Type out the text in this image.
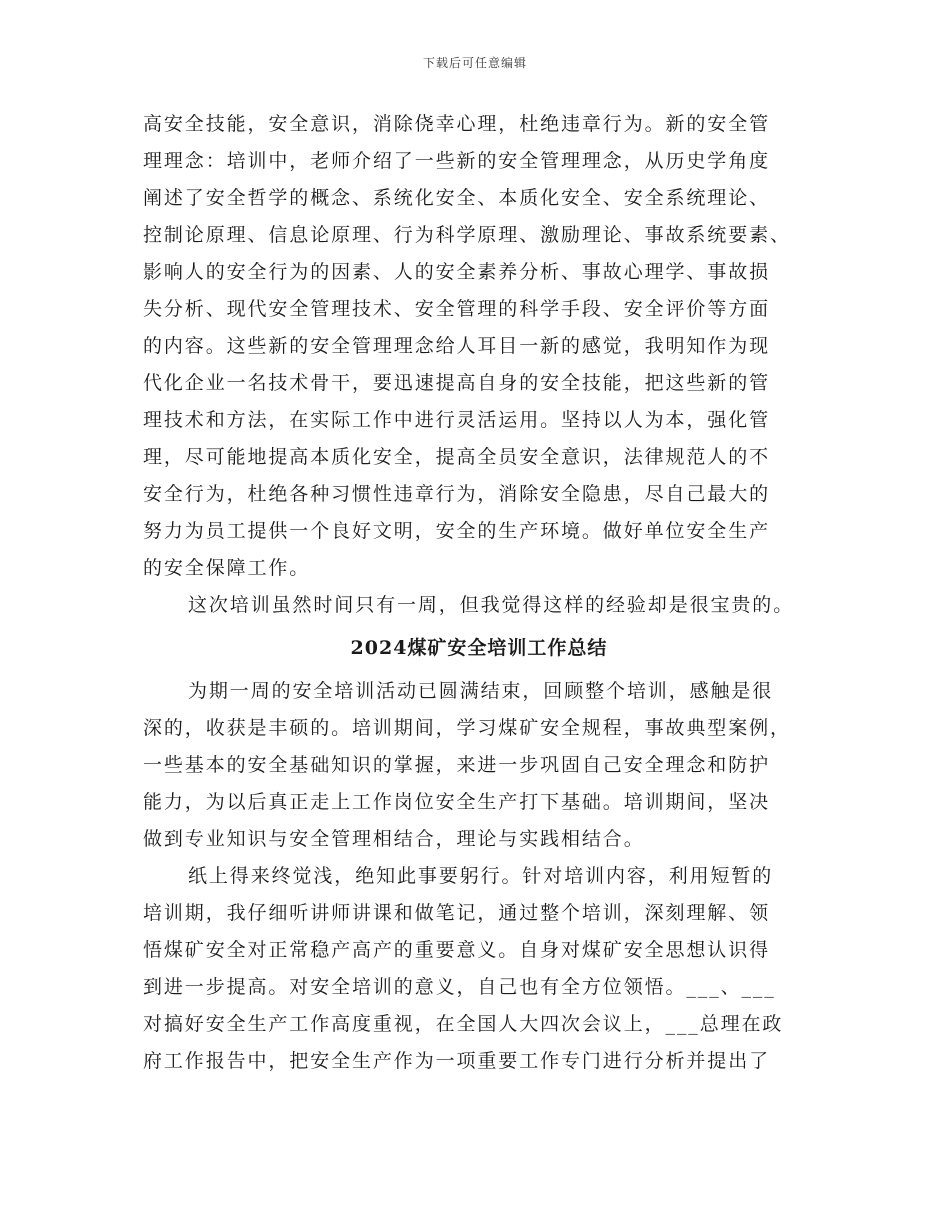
下载后可任意编辑
高安全技能，安全意识，消除侥幸心理，杜绝违章行为。新的安全管
理理念：培训中，老师介绍了一些新的安全管理理念，从历史学角度
阐述了安全哲学的概念、系统化安全、本质化安全、安全系统理论、
控制论原理、信息论原理、行为科学原理、激励理论、事故系统要素、
影响人的安全行为的因素、人的安全素养分析、事故心理学、事故损
失分析、现代安全管理技术、安全管理的科学手段、安全评价等方面
的内容。这些新的安全管理理念给人耳目一新的感觉，我明知作为现
代化企业一名技术骨干，要迅速提高自身的安全技能，把这些新的管
理技术和方法，在实际工作中进行灵活运用。坚持以人为本，强化管
理，尽可能地提高本质化安全，提高全员安全意识，法律规范人的不
安全行为，杜绝各种习惯性违章行为，消除安全隐患，尽自己最大的
努力为员工提供一个良好文明，安全的生产环境。做好单位安全生产
的安全保障工作。
这次培训虽然时间只有一周，但我觉得这样的经验却是很宝贵的。
2024煤矿安全培训工作总结
为期一周的安全培训活动已圆满结束，回顾整个培训，感触是很
深的，收获是丰硕的。培训期间，学习煤矿安全规程，事故典型案例，
一些基本的安全基础知识的掌握，来进一步巩固自己安全理念和防护
能力，为以后真正走上工作岗位安全生产打下基础。培训期间，坚决
做到专业知识与安全管理相结合，理论与实践相结合。
纸上得来终觉浅，绝知此事要躬行。针对培训内容，利用短暂的
培训期，我仔细听讲师讲课和做笔记，通过整个培训，深刻理解、领
悟煤矿安全对正常稳产高产的重要意义。自身对煤矿安全思想认识得
到进一步提高。对安全培训的意义，自己也有全方位领悟。___、___
对搞好安全生产工作高度重视，在全国人大四次会议上，___总理在政
府工作报告中，把安全生产作为一项重要工作专门进行分析并提出了
